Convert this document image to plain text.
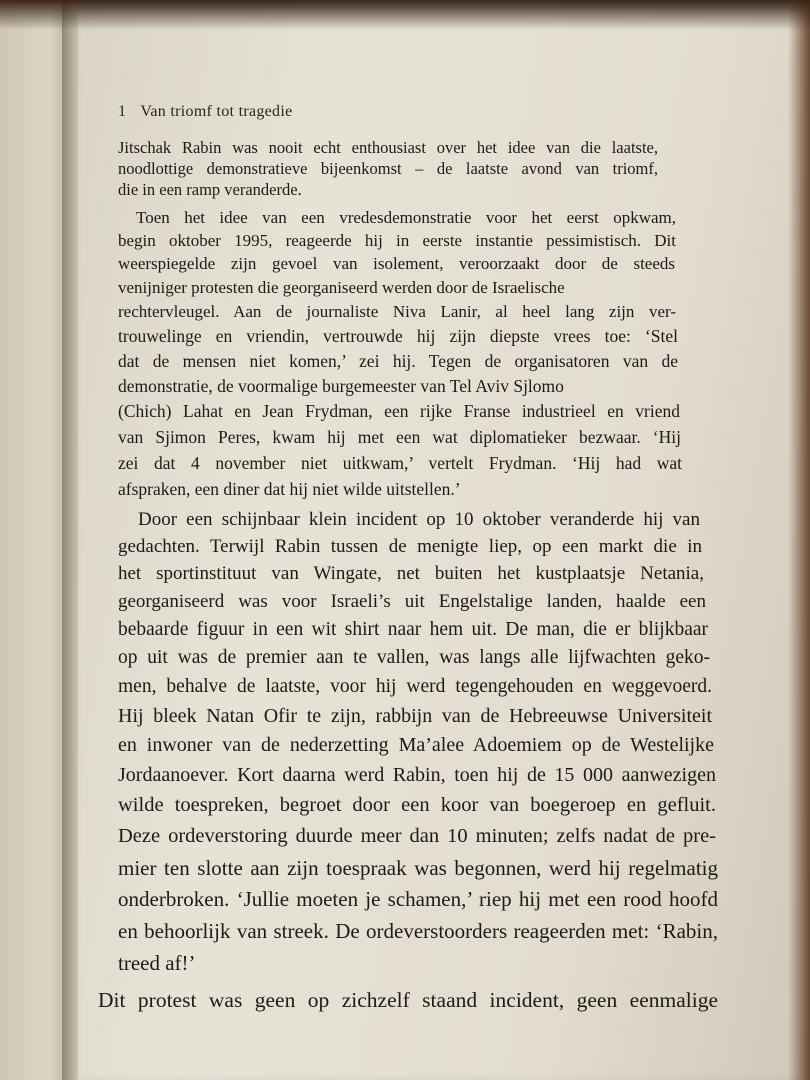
1 Van triomf tot tragedie
Jitschak Rabin was nooit echt enthousiast over het idee van die laatste,
noodlottige demonstratieve bijeenkomst – de laatste avond van triomf,
die in een ramp veranderde.
Toen het idee van een vredesdemonstratie voor het eerst opkwam,
begin oktober 1995, reageerde hij in eerste instantie pessimistisch. Dit
weerspiegelde zijn gevoel van isolement, veroorzaakt door de steeds
venijniger protesten die georganiseerd werden door de Israelische
rechtervleugel. Aan de journaliste Niva Lanir, al heel lang zijn ver-
trouwelinge en vriendin, vertrouwde hij zijn diepste vrees toe: ‘Stel
dat de mensen niet komen,’ zei hij. Tegen de organisatoren van de
demonstratie, de voormalige burgemeester van Tel Aviv Sjlomo
(Chich) Lahat en Jean Frydman, een rijke Franse industrieel en vriend
van Sjimon Peres, kwam hij met een wat diplomatieker bezwaar. ‘Hij
zei dat 4 november niet uitkwam,’ vertelt Frydman. ‘Hij had wat
afspraken, een diner dat hij niet wilde uitstellen.’
Door een schijnbaar klein incident op 10 oktober veranderde hij van
gedachten. Terwijl Rabin tussen de menigte liep, op een markt die in
het sportinstituut van Wingate, net buiten het kustplaatsje Netania,
georganiseerd was voor Israeli’s uit Engelstalige landen, haalde een
bebaarde figuur in een wit shirt naar hem uit. De man, die er blijkbaar
op uit was de premier aan te vallen, was langs alle lijfwachten geko-
men, behalve de laatste, voor hij werd tegengehouden en weggevoerd.
Hij bleek Natan Ofir te zijn, rabbijn van de Hebreeuwse Universiteit
en inwoner van de nederzetting Ma’alee Adoemiem op de Westelijke
Jordaanoever. Kort daarna werd Rabin, toen hij de 15 000 aanwezigen
wilde toespreken, begroet door een koor van boegeroep en gefluit.
Deze ordeverstoring duurde meer dan 10 minuten; zelfs nadat de pre-
mier ten slotte aan zijn toespraak was begonnen, werd hij regelmatig
onderbroken. ‘Jullie moeten je schamen,’ riep hij met een rood hoofd
en behoorlijk van streek. De ordeverstoorders reageerden met: ‘Rabin,
treed af!’
Dit protest was geen op zichzelf staand incident, geen eenmalige
